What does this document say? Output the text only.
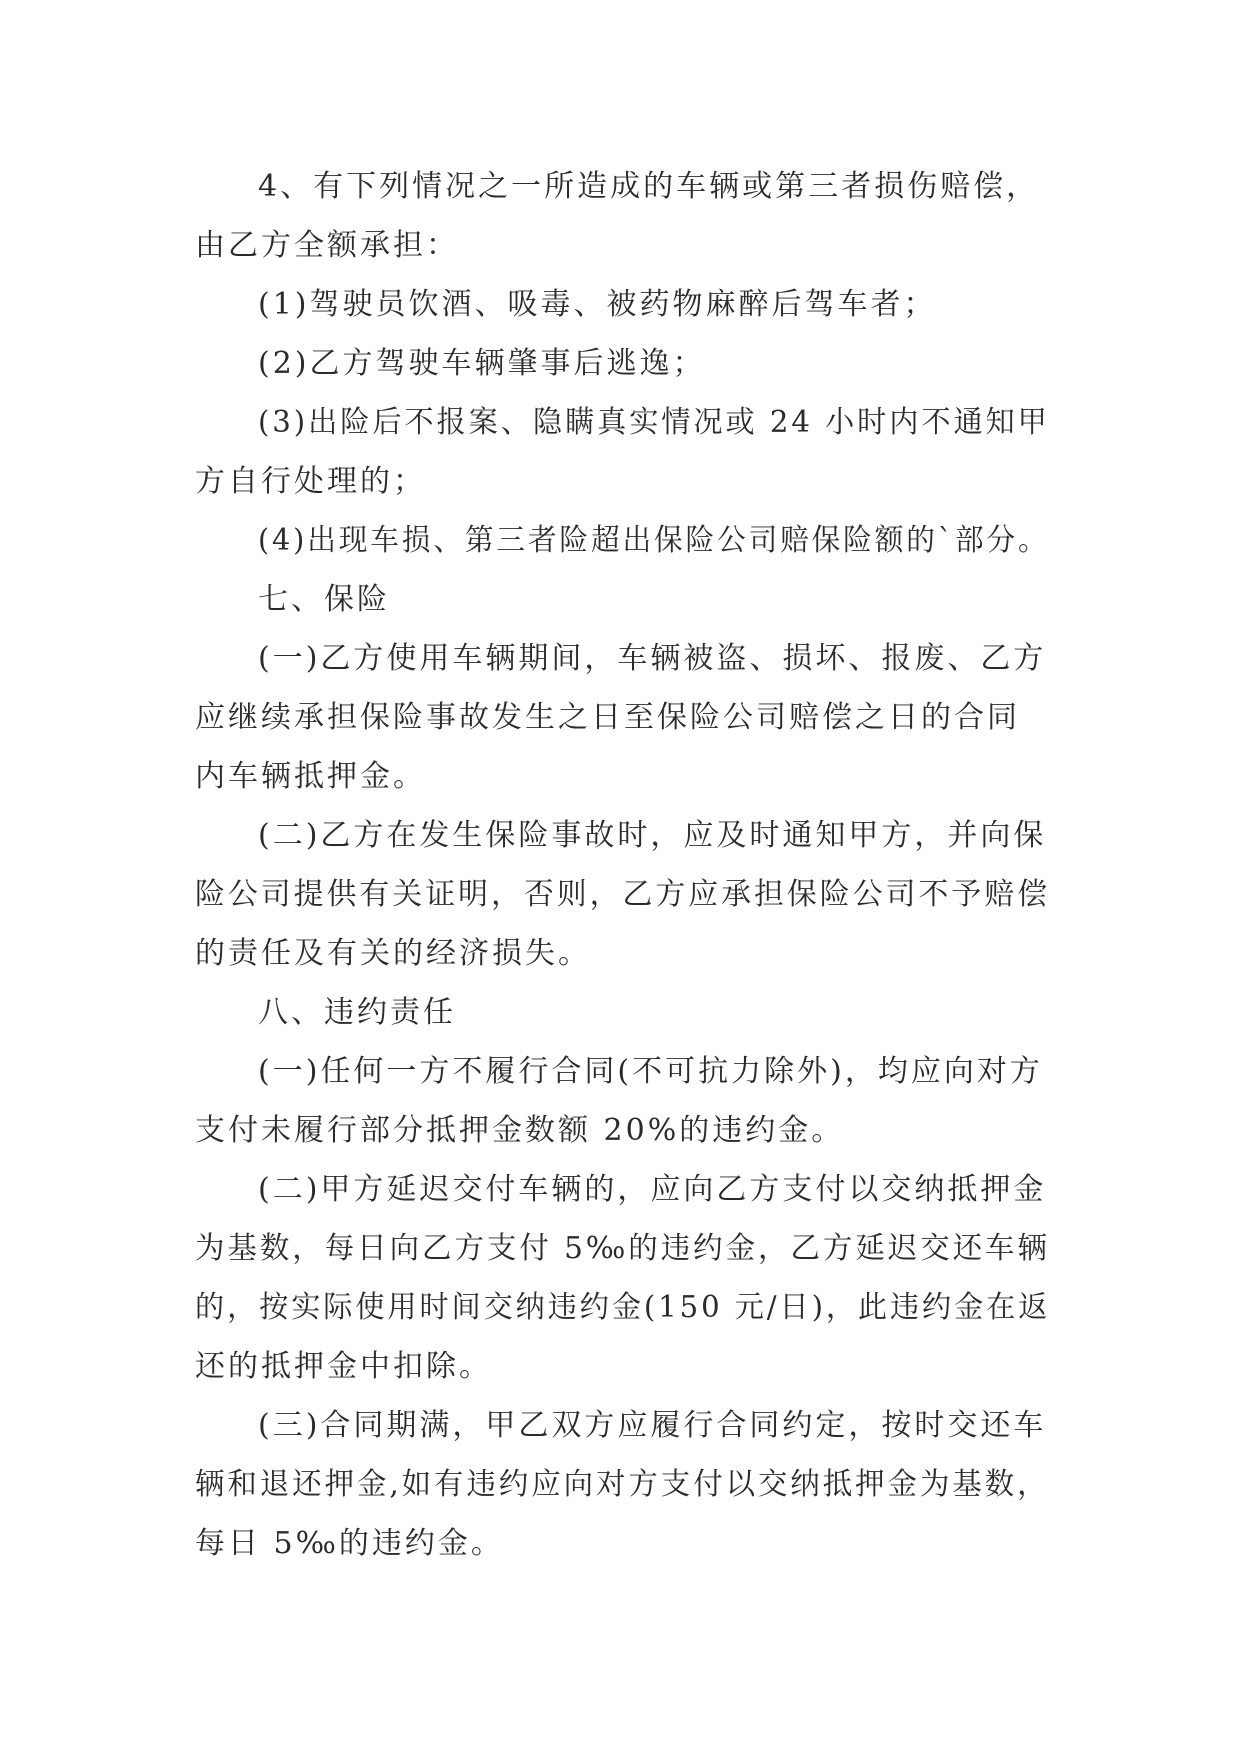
4、有下列情况之一所造成的车辆或第三者损伤赔偿，
由乙方全额承担：
(1)驾驶员饮酒、吸毒、被药物麻醉后驾车者；
(2)乙方驾驶车辆肇事后逃逸；
(3)出险后不报案、隐瞒真实情况或 24 小时内不通知甲
方自行处理的；
(4)出现车损、第三者险超出保险公司赔保险额的`部分。
七、保险
(一)乙方使用车辆期间，车辆被盗、损坏、报废、乙方
应继续承担保险事故发生之日至保险公司赔偿之日的合同
内车辆抵押金。
(二)乙方在发生保险事故时，应及时通知甲方，并向保
险公司提供有关证明，否则，乙方应承担保险公司不予赔偿
的责任及有关的经济损失。
八、违约责任
(一)任何一方不履行合同(不可抗力除外)，均应向对方
支付未履行部分抵押金数额 20%的违约金。
(二)甲方延迟交付车辆的，应向乙方支付以交纳抵押金
为基数，每日向乙方支付 5‰的违约金，乙方延迟交还车辆
的，按实际使用时间交纳违约金(150 元/日)，此违约金在返
还的抵押金中扣除。
(三)合同期满，甲乙双方应履行合同约定，按时交还车
辆和退还押金,如有违约应向对方支付以交纳抵押金为基数，
每日 5‰的违约金。
